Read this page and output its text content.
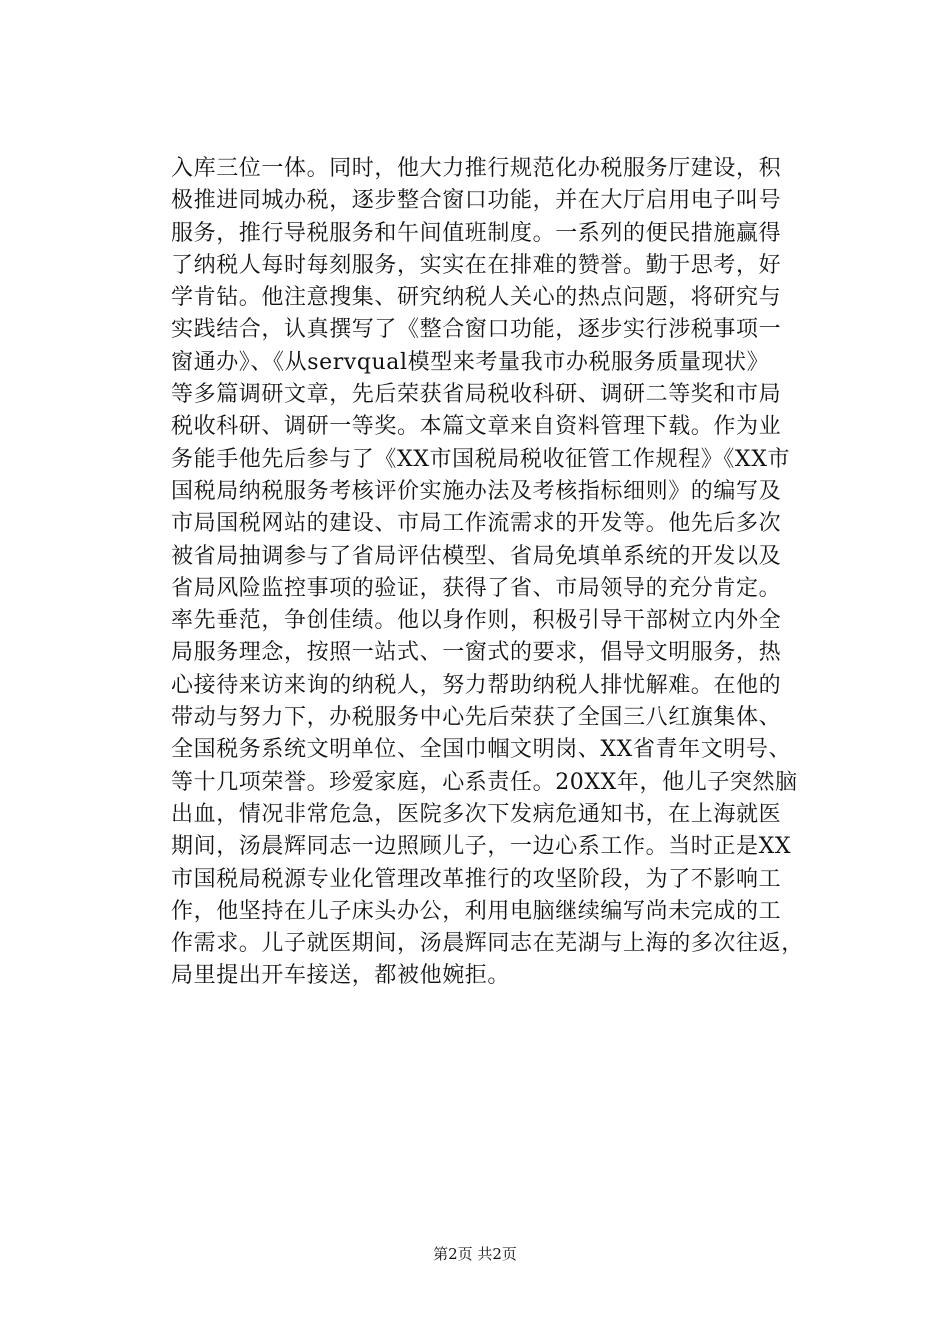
入库三位一体。同时，他大力推行规范化办税服务厅建设，积
极推进同城办税，逐步整合窗口功能，并在大厅启用电子叫号
服务，推行导税服务和午间值班制度。一系列的便民措施赢得
了纳税人每时每刻服务，实实在在排难的赞誉。勤于思考，好
学肯钻。他注意搜集、研究纳税人关心的热点问题，将研究与
实践结合，认真撰写了《整合窗口功能，逐步实行涉税事项一
窗通办》、《从servqual模型来考量我市办税服务质量现状》
等多篇调研文章，先后荣获省局税收科研、调研二等奖和市局
税收科研、调研一等奖。本篇文章来自资料管理下载。作为业
务能手他先后参与了《XX市国税局税收征管工作规程》《XX市
国税局纳税服务考核评价实施办法及考核指标细则》的编写及
市局国税网站的建设、市局工作流需求的开发等。他先后多次
被省局抽调参与了省局评估模型、省局免填单系统的开发以及
省局风险监控事项的验证，获得了省、市局领导的充分肯定。
率先垂范，争创佳绩。他以身作则，积极引导干部树立内外全
局服务理念，按照一站式、一窗式的要求，倡导文明服务，热
心接待来访来询的纳税人，努力帮助纳税人排忧解难。在他的
带动与努力下，办税服务中心先后荣获了全国三八红旗集体、
全国税务系统文明单位、全国巾帼文明岗、XX省青年文明号、
等十几项荣誉。珍爱家庭，心系责任。20XX年，他儿子突然脑
出血，情况非常危急，医院多次下发病危通知书，在上海就医
期间，汤晨辉同志一边照顾儿子，一边心系工作。当时正是XX
市国税局税源专业化管理改革推行的攻坚阶段，为了不影响工
作，他坚持在儿子床头办公，利用电脑继续编写尚未完成的工
作需求。儿子就医期间，汤晨辉同志在芜湖与上海的多次往返，
局里提出开车接送，都被他婉拒。
第2页 共2页
